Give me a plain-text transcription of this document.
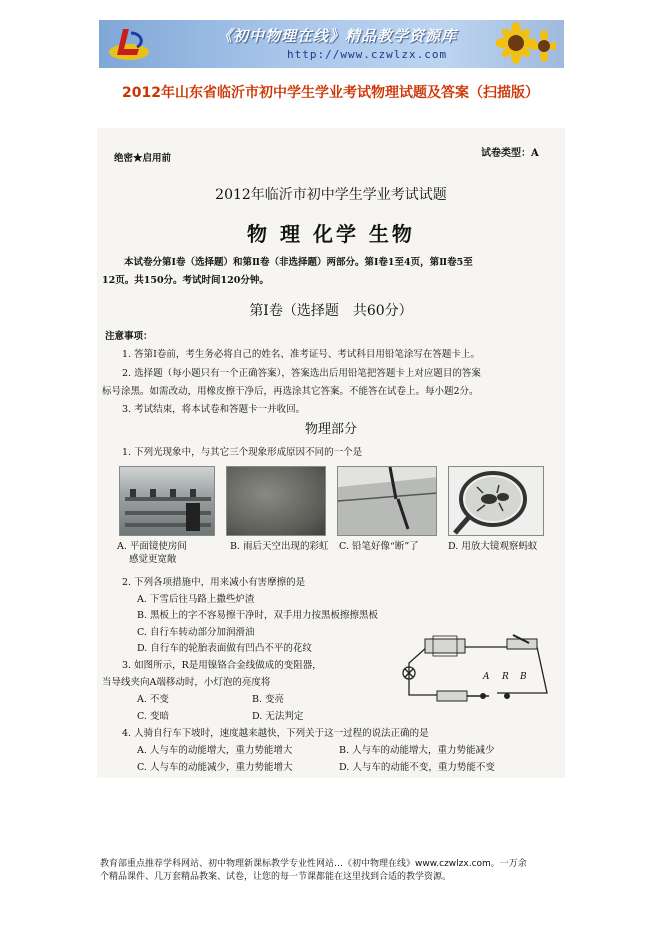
《初中物理在线》精品教学资源库
http://www.czwlzx.com
2012年山东省临沂市初中学生学业考试物理试题及答案（扫描版）
绝密★启用前	试卷类型：A
2012年临沂市初中学生学业考试试题
物 理 化学 生物
本试卷分第Ⅰ卷（选择题）和第Ⅱ卷（非选择题）两部分。第Ⅰ卷1至4页，第Ⅱ卷5至
12页。共150分。考试时间120分钟。
第Ⅰ卷（选择题　共60分）
注意事项：
1. 答第Ⅰ卷前，考生务必将自己的姓名、准考证号、考试科目用铅笔涂写在答题卡上。
2. 选择题（每小题只有一个正确答案），答案选出后用铅笔把答题卡上对应题目的答案
标号涂黑。如需改动，用橡皮擦干净后，再选涂其它答案。不能答在试卷上。每小题2分。
3. 考试结束，将本试卷和答题卡一并收回。
物理部分
1. 下列光现象中，与其它三个现象形成原因不同的一个是
A. 平面镜使房间
感觉更宽敞
B. 雨后天空出现的彩虹 C. 铅笔好像“断”了	D. 用放大镜观察蚂蚁
2. 下列各项措施中，用来减小有害摩擦的是
A. 下雪后往马路上撒些炉渣
B. 黑板上的字不容易擦干净时，双手用力按黑板擦擦黑板
C. 自行车转动部分加润滑油
D. 自行车的轮胎表面做有凹凸不平的花纹
3. 如图所示，R是用镍铬合金线做成的变阻器，
当导线夹向A端移动时，小灯泡的亮度将
A. 不变	B. 变亮
C. 变暗	D. 无法判定
A R B
4. 人骑自行车下坡时，速度越来越快，下列关于这一过程的说法正确的是
A. 人与车的动能增大，重力势能增大	B. 人与车的动能增大，重力势能减少
C. 人与车的动能减少，重力势能增大	D. 人与车的动能不变，重力势能不变
教育部重点推荐学科网站、初中物理新课标教学专业性网站…《初中物理在线》www.czwlzx.com。一万余
个精品课件、几万套精品教案、试卷，让您的每一节课都能在这里找到合适的教学资源。
